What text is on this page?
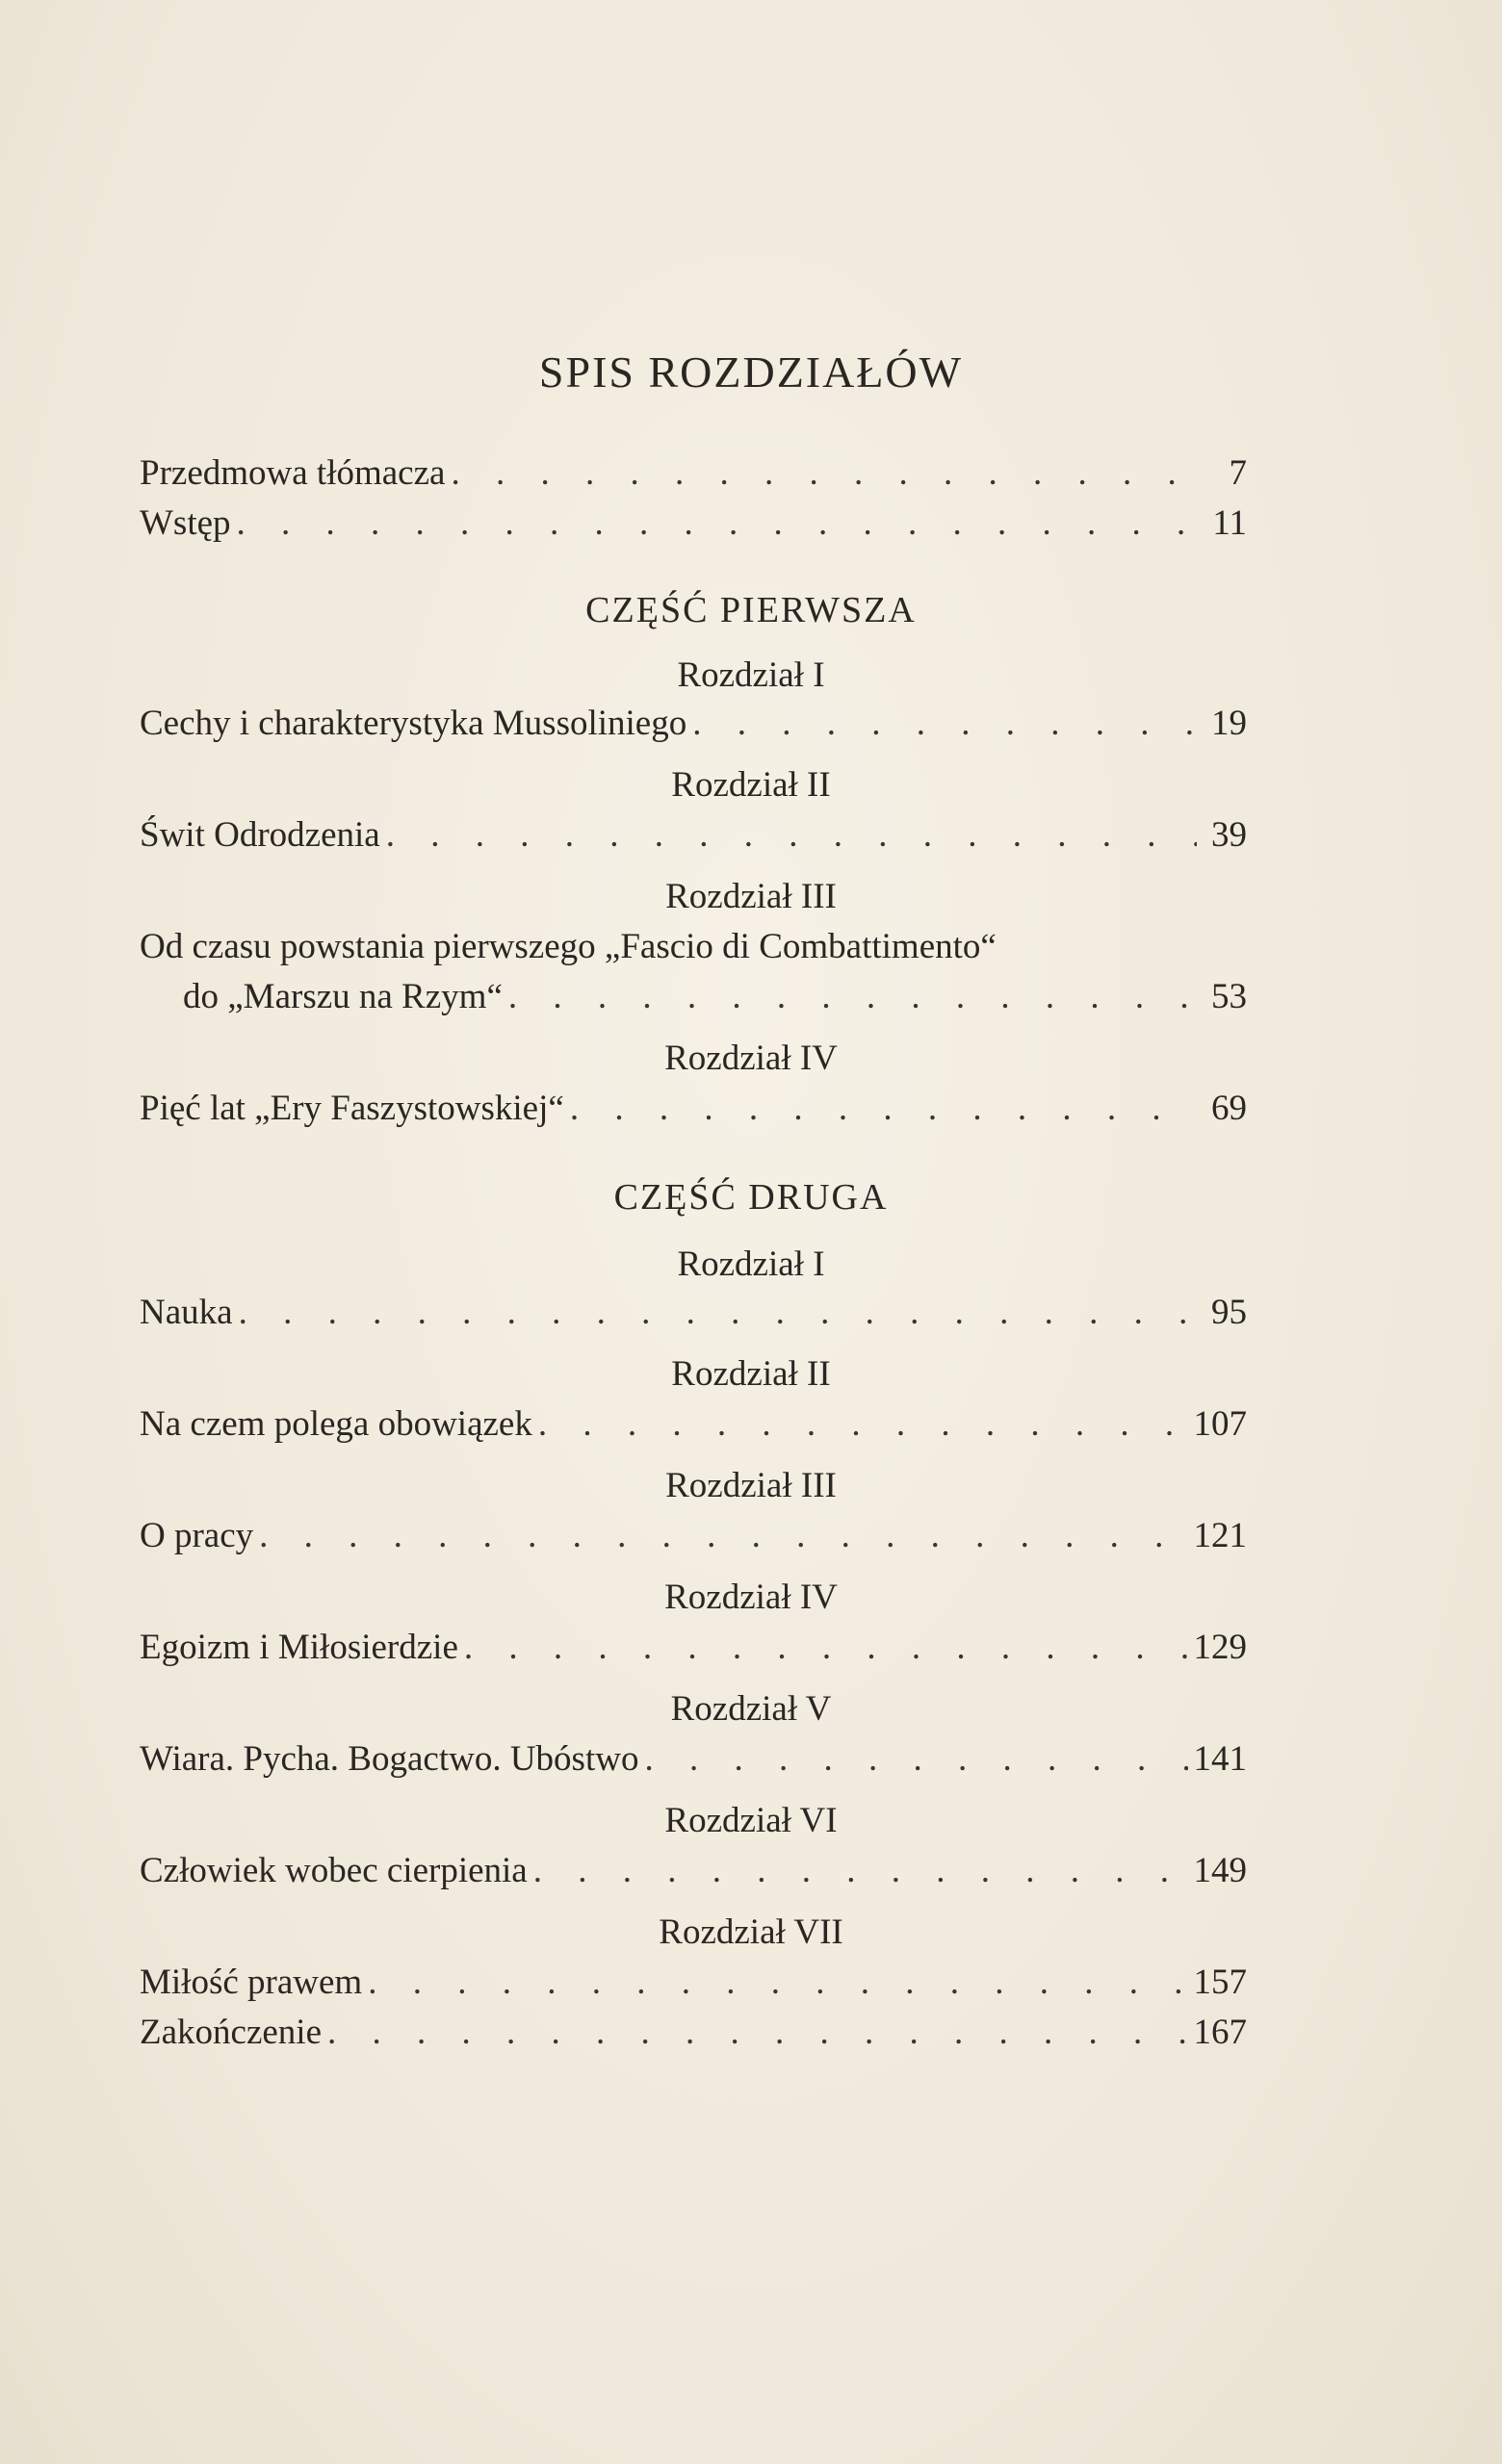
SPIS ROZDZIAŁÓW
Przedmowa tłómacza . . .	7
Wstęp . . .	11
CZĘŚĆ PIERWSZA
Rozdział I
Cechy i charakterystyka Mussoliniego . . .	19
Rozdział II
Świt Odrodzenia . . .	39
Rozdział III
Od czasu powstania pierwszego „Fascio di Combattimento“
do „Marszu na Rzym“ . . .	53
Rozdział IV
Pięć lat „Ery Faszystowskiej“ . . .	69
CZĘŚĆ DRUGA
Rozdział I
Nauka . . .	95
Rozdział II
Na czem polega obowiązek . . .	107
Rozdział III
O pracy . . .	121
Rozdział IV
Egoizm i Miłosierdzie . . .	129
Rozdział V
Wiara. Pycha. Bogactwo. Ubóstwo . . .	141
Rozdział VI
Człowiek wobec cierpienia . . .	149
Rozdział VII
Miłość prawem . . .	157
Zakończenie . . .	167
